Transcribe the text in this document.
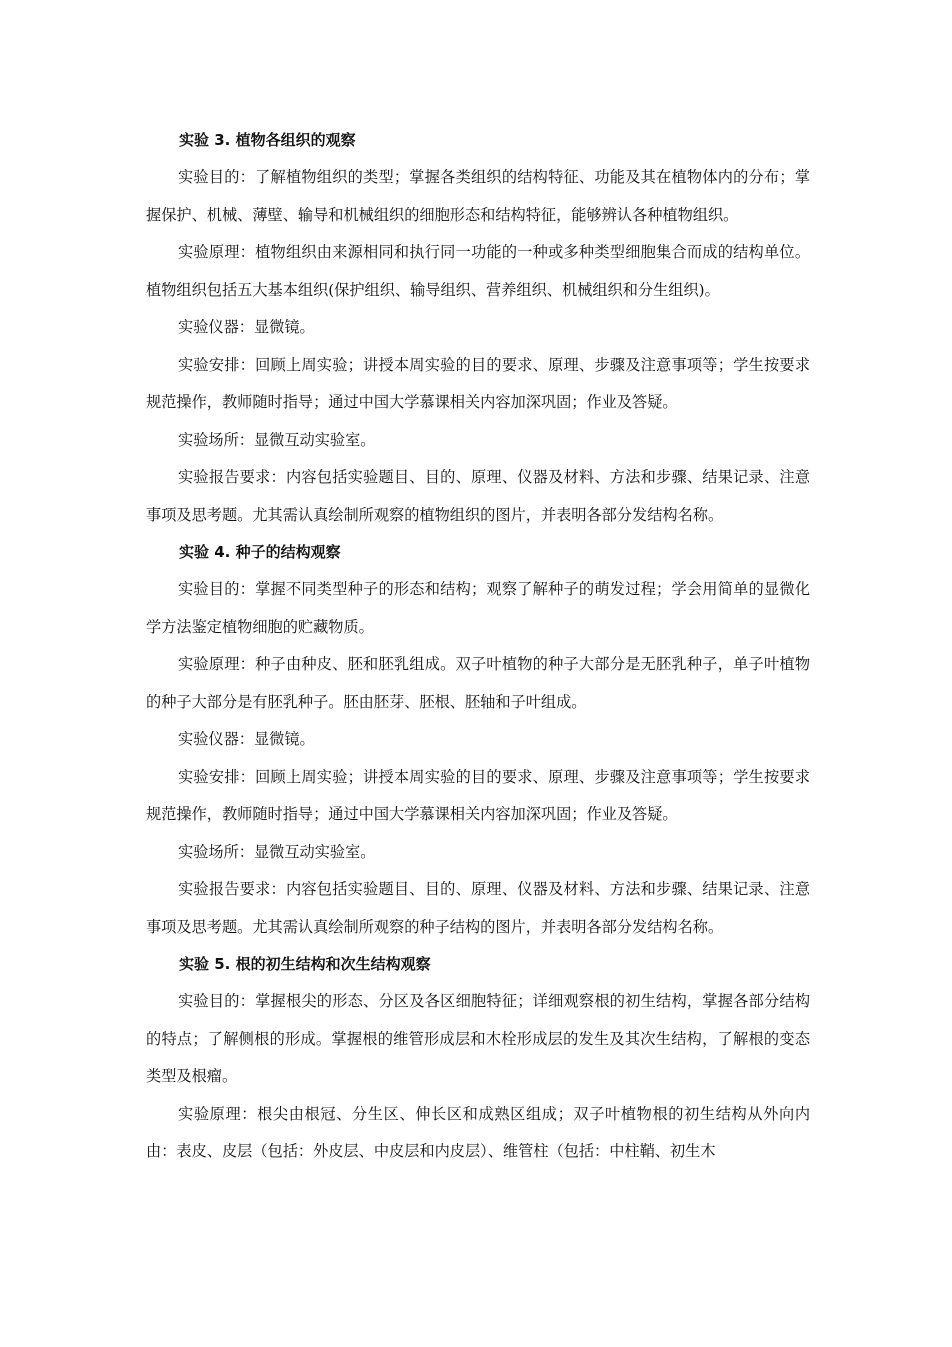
实验 3. 植物各组织的观察

实验目的：了解植物组织的类型；掌握各类组织的结构特征、功能及其在植物体内的分布；掌握保护、机械、薄壁、输导和机械组织的细胞形态和结构特征，能够辨认各种植物组织。

实验原理：植物组织由来源相同和执行同一功能的一种或多种类型细胞集合而成的结构单位。植物组织包括五大基本组织(保护组织、输导组织、营养组织、机械组织和分生组织)。

实验仪器：显微镜。

实验安排：回顾上周实验；讲授本周实验的目的要求、原理、步骤及注意事项等；学生按要求规范操作，教师随时指导；通过中国大学慕课相关内容加深巩固；作业及答疑。

实验场所：显微互动实验室。

实验报告要求：内容包括实验题目、目的、原理、仪器及材料、方法和步骤、结果记录、注意事项及思考题。尤其需认真绘制所观察的植物组织的图片，并表明各部分发结构名称。

实验 4. 种子的结构观察

实验目的：掌握不同类型种子的形态和结构；观察了解种子的萌发过程；学会用简单的显微化学方法鉴定植物细胞的贮藏物质。

实验原理：种子由种皮、胚和胚乳组成。双子叶植物的种子大部分是无胚乳种子，单子叶植物的种子大部分是有胚乳种子。胚由胚芽、胚根、胚轴和子叶组成。

实验仪器：显微镜。

实验安排：回顾上周实验；讲授本周实验的目的要求、原理、步骤及注意事项等；学生按要求规范操作，教师随时指导；通过中国大学慕课相关内容加深巩固；作业及答疑。

实验场所：显微互动实验室。

实验报告要求：内容包括实验题目、目的、原理、仪器及材料、方法和步骤、结果记录、注意事项及思考题。尤其需认真绘制所观察的种子结构的图片，并表明各部分发结构名称。

实验 5. 根的初生结构和次生结构观察

实验目的：掌握根尖的形态、分区及各区细胞特征；详细观察根的初生结构，掌握各部分结构的特点；了解侧根的形成。掌握根的维管形成层和木栓形成层的发生及其次生结构，了解根的变态类型及根瘤。

实验原理：根尖由根冠、分生区、伸长区和成熟区组成；双子叶植物根的初生结构从外向内由：表皮、皮层（包括：外皮层、中皮层和内皮层）、维管柱（包括：中柱鞘、初生木
